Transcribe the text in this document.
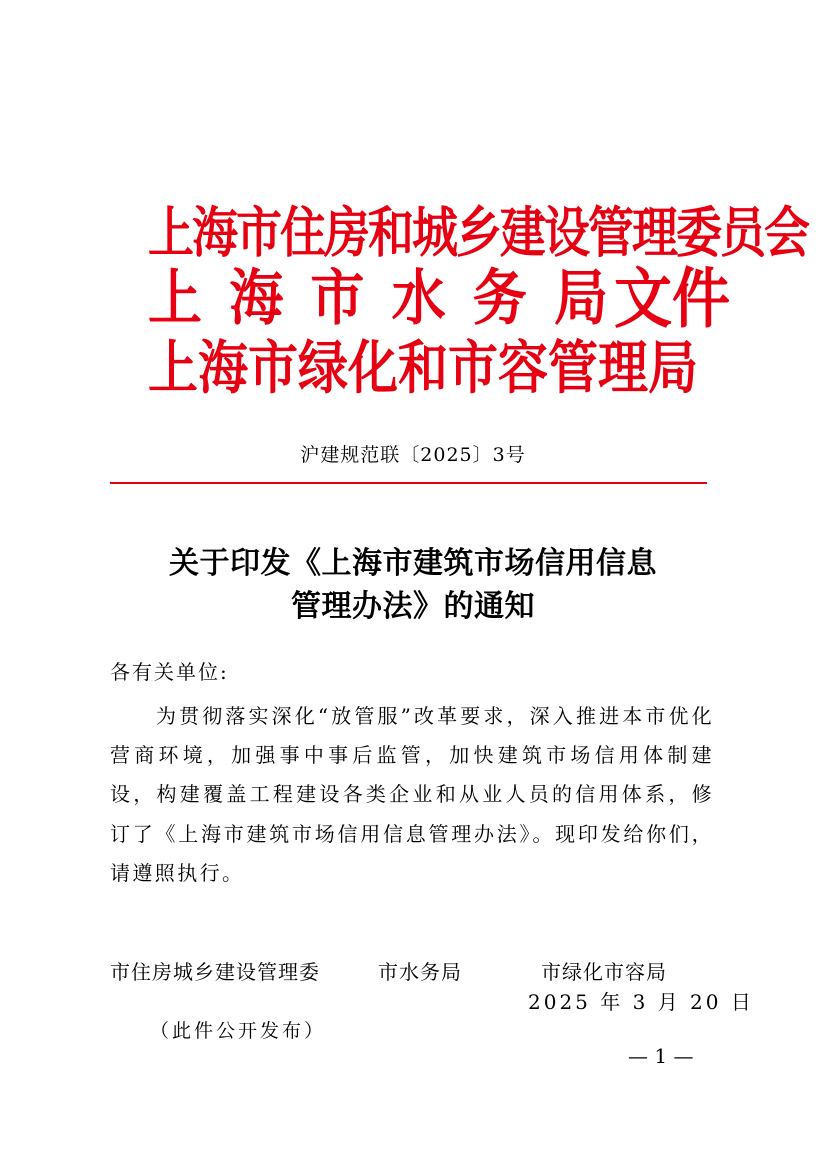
上海市住房和城乡建设管理委员会
上 海 市 水 务 局 文件
上海市绿化和市容管理局
沪建规范联〔2025〕3号
关于印发《上海市建筑市场信用信息
管理办法》的通知
各有关单位:
为贯彻落实深化“放管服”改革要求，深入推进本市优化营商环境，加强事中事后监管，加快建筑市场信用体制建设，构建覆盖工程建设各类企业和从业人员的信用体系，修订了《上海市建筑市场信用信息管理办法》。现印发给你们，请遵照执行。
市住房城乡建设管理委	市水务局	市绿化市容局
2025 年 3 月 20 日
（此件公开发布）
— 1 —
